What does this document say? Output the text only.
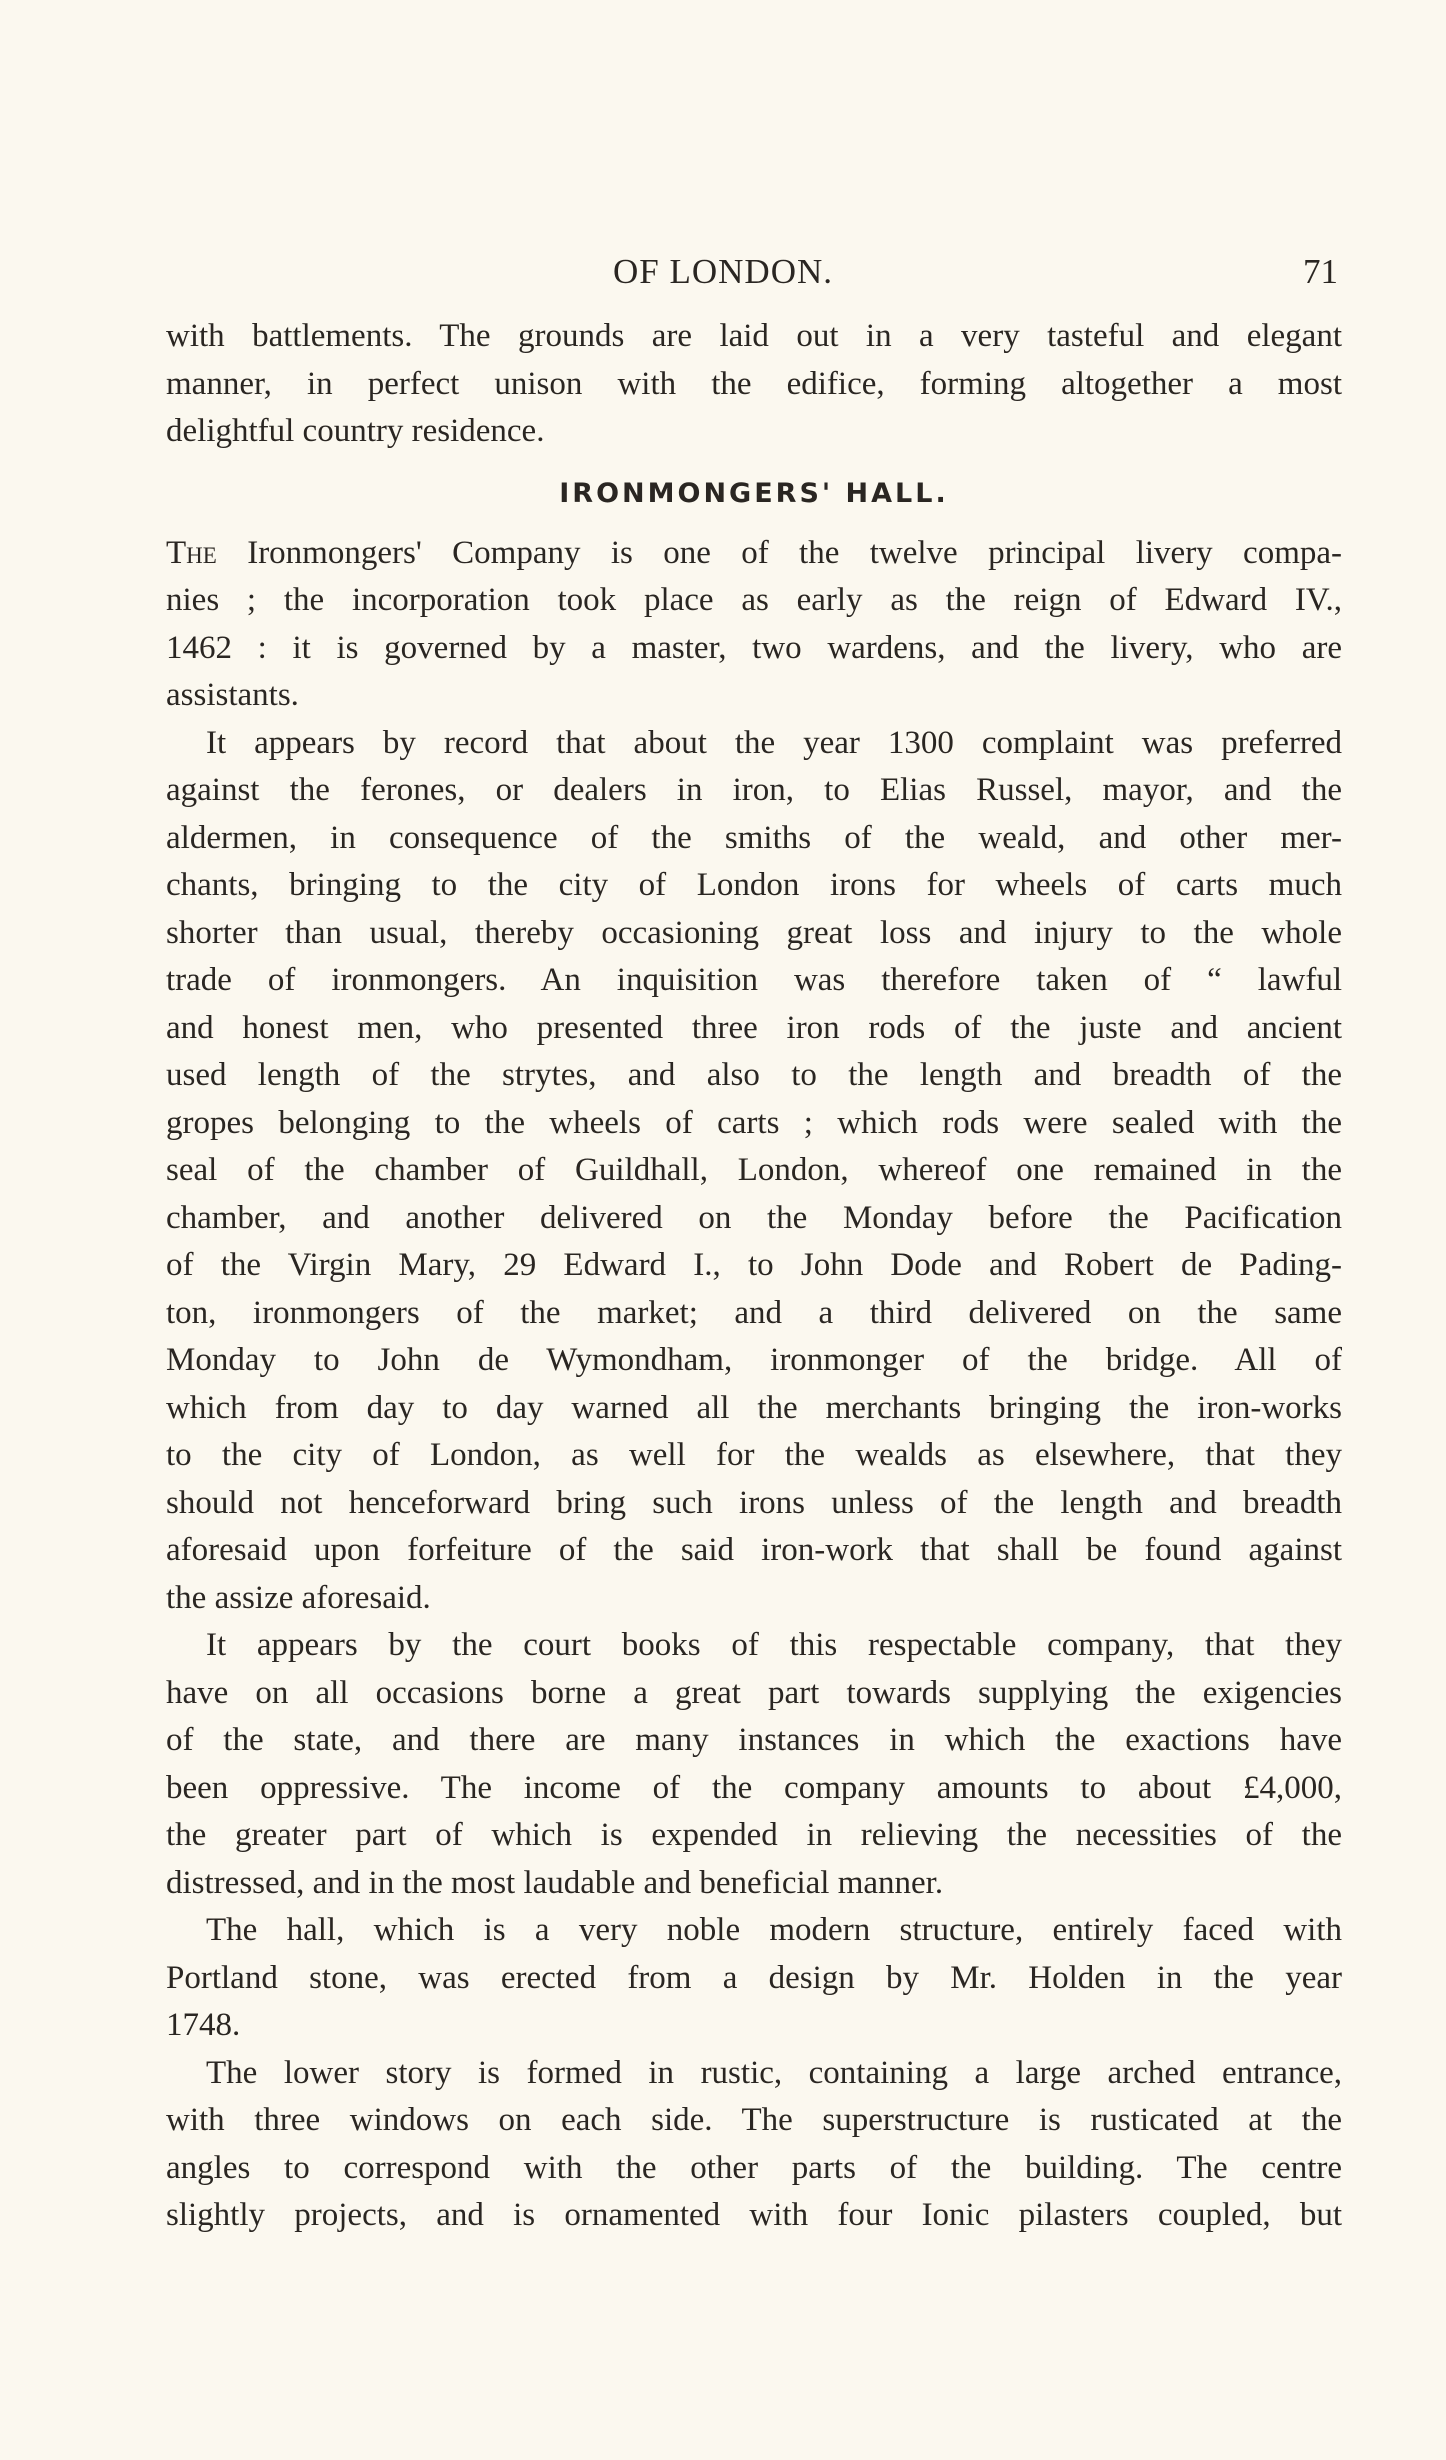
OF LONDON.	71

with battlements. The grounds are laid out in a very tasteful and elegant
manner, in perfect unison with the edifice, forming altogether a most
delightful country residence.

IRONMONGERS' HALL.

The Ironmongers' Company is one of the twelve principal livery compa-
nies ; the incorporation took place as early as the reign of Edward IV.,
1462 : it is governed by a master, two wardens, and the livery, who are
assistants.

It appears by record that about the year 1300 complaint was preferred
against the ferones, or dealers in iron, to Elias Russel, mayor, and the
aldermen, in consequence of the smiths of the weald, and other mer-
chants, bringing to the city of London irons for wheels of carts much
shorter than usual, thereby occasioning great loss and injury to the whole
trade of ironmongers. An inquisition was therefore taken of “ lawful
and honest men, who presented three iron rods of the juste and ancient
used length of the strytes, and also to the length and breadth of the
gropes belonging to the wheels of carts ; which rods were sealed with the
seal of the chamber of Guildhall, London, whereof one remained in the
chamber, and another delivered on the Monday before the Pacification
of the Virgin Mary, 29 Edward I., to John Dode and Robert de Pading-
ton, ironmongers of the market; and a third delivered on the same
Monday to John de Wymondham, ironmonger of the bridge. All of
which from day to day warned all the merchants bringing the iron-works
to the city of London, as well for the wealds as elsewhere, that they
should not henceforward bring such irons unless of the length and breadth
aforesaid upon forfeiture of the said iron-work that shall be found against
the assize aforesaid.

It appears by the court books of this respectable company, that they
have on all occasions borne a great part towards supplying the exigencies
of the state, and there are many instances in which the exactions have
been oppressive. The income of the company amounts to about £4,000,
the greater part of which is expended in relieving the necessities of the
distressed, and in the most laudable and beneficial manner.

The hall, which is a very noble modern structure, entirely faced with
Portland stone, was erected from a design by Mr. Holden in the year
1748.

The lower story is formed in rustic, containing a large arched entrance,
with three windows on each side. The superstructure is rusticated at the
angles to correspond with the other parts of the building. The centre
slightly projects, and is ornamented with four Ionic pilasters coupled, but
